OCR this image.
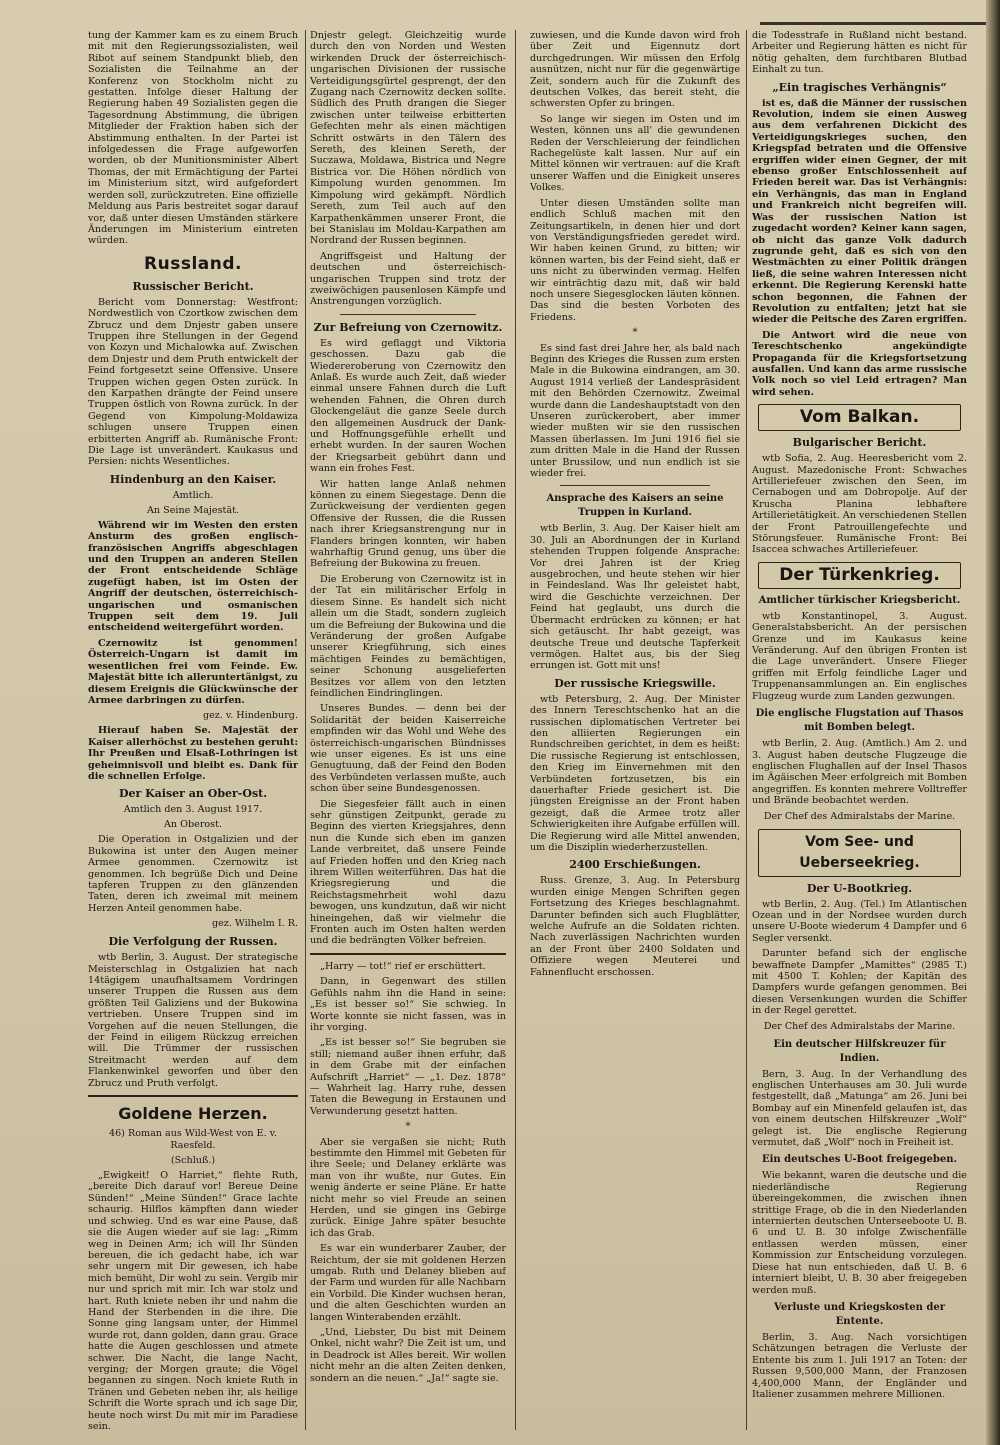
tung der Kammer kam es zu einem Bruch mit mit den Regierungssozialisten, weil Ribot auf seinem Standpunkt blieb, den Sozialisten die Teilnahme an der Konferenz von Stockholm nicht zu gestatten. Infolge dieser Haltung der Regierung haben 49 Sozialisten gegen die Tagesordnung Abstimmung, die übrigen Mitglieder der Fraktion haben sich der Abstimmung enthalten. In der Partei ist infolgedessen die Frage aufgeworfen worden, ob der Munitionsminister Albert Thomas, der mit Ermächtigung der Partei im Ministerium sitzt, wird aufgefordert werden soll, zurückzutreten. Eine offizielle Meldung aus Paris bestreitet sogar darauf vor, daß unter diesen Umständen stärkere Änderungen im Ministerium eintreten würden.

Russland.
Russischer Bericht.

Bericht vom Donnerstag: Westfront: Nordwestlich von Czortkow zwischen dem Zbrucz und dem Dnjestr gaben unsere Truppen ihre Stellungen in der Gegend von Kozyn und Michalowka auf. Zwischen dem Dnjestr und dem Pruth entwickelt der Feind fortgesetzt seine Offensive. Unsere Truppen wichen gegen Osten zurück. In den Karpathen drängte der Feind unsere Truppen östlich von Rowna zurück. In der Gegend von Kimpolung-Moldawiza schlugen unsere Truppen einen erbitterten Angriff ab. Rumänische Front: Die Lage ist unverändert. Kaukasus und Persien: nichts Wesentliches.

Hindenburg an den Kaiser.
Amtlich.
An Seine Majestät.

Während wir im Westen den ersten Ansturm des großen englisch-französischen Angriffs abgeschlagen und den Truppen an anderen Stellen der Front entscheidende Schläge zugefügt haben, ist im Osten der Angriff der deutschen, österreichisch-ungarischen und osmanischen Truppen seit dem 19. Juli entscheidend weitergeführt worden.

Czernowitz ist genommen! Österreich-Ungarn ist damit im wesentlichen frei vom Feinde. Ew. Majestät bitte ich alleruntertänigst, zu diesem Ereignis die Glückwünsche der Armee darbringen zu dürfen.

gez. v. Hindenburg.

Hierauf haben Se. Majestät der Kaiser allerhöchst zu bestehen geruht: Ihr Preußen und Elsaß-Lothringen ist geheimnisvoll und bleibt es. Dank für die schnellen Erfolge.

Der Kaiser an Ober-Ost.
Amtlich den 3. August 1917.
An Oberost.

Die Operation in Ostgalizien und der Bukowina ist unter den Augen meiner Armee genommen. Czernowitz ist genommen. Ich begrüße Dich und Deine tapferen Truppen zu den glänzenden Taten, deren ich zweimal mit meinem Herzen Anteil genommen habe.

gez. Wilhelm I. R.
Die Verfolgung der Russen.

wtb Berlin, 3. August. Der strategische Meisterschlag in Ostgalizien hat nach 14tägigem unaufhaltsamem Vordringen unserer Truppen die Russen aus dem größten Teil Galiziens und der Bukowina vertrieben. Unsere Truppen sind im Vorgehen auf die neuen Stellungen, die der Feind in eiligem Rückzug erreichen will. Die Trümmer der russischen Streitmacht werden auf dem Flankenwinkel geworfen und über den Zbrucz und Pruth verfolgt.

Goldene Herzen.
46) Roman aus Wild-West von E. v. Raesfeld.
(Schluß.)

„Ewigkeit! O Harriet,“ flehte Ruth, „bereite Dich darauf vor! Bereue Deine Sünden!“ „Meine Sünden!“ Grace lachte schaurig. Hilflos kämpften dann wieder und schwieg. Und es war eine Pause, daß sie die Augen wieder auf sie lag: „Rimm weg in Deinen Arm; ich will Ihr Sünden bereuen, die ich gedacht habe, ich war sehr ungern mit Dir gewesen, ich habe mich bemüht, Dir wohl zu sein. Vergib mir nur und sprich mit mir. Ich war stolz und hart. Ruth kniete neben ihr und nahm die Hand der Sterbenden in die ihre. Die Sonne ging langsam unter, der Himmel wurde rot, dann golden, dann grau. Grace hatte die Augen geschlossen und atmete schwer. Die Nacht, die lange Nacht, verging; der Morgen graute; die Vögel begannen zu singen. Noch kniete Ruth in Tränen und Gebeten neben ihr, als heilige Schrift die Worte sprach und ich sage Dir, heute noch wirst Du mit mir im Paradiese sein.

Dnjestr gelegt. Gleichzeitig wurde durch den von Norden und Westen wirkenden Druck der österreichisch-ungarischen Divisionen der russische Verteidigungsgürtel gesprengt, der den Zugang nach Czernowitz decken sollte. Südlich des Pruth drangen die Sieger zwischen unter teilweise erbitterten Gefechten mehr als einen mächtigen Schritt ostwärts in den Tälern des Sereth, des kleinen Sereth, der Suczawa, Moldawa, Bistrica und Negre Bistrica vor. Die Höhen nördlich von Kimpolung wurden genommen. Im Kimpolung wird gekämpft. Nördlich Sereth, zum Teil auch auf den Karpathenkämmen unserer Front, die bei Stanislau im Moldau-Karpathen am Nordrand der Russen beginnen.

Angriffsgeist und Haltung der deutschen und österreichisch-ungarischen Truppen sind trotz der zweiwöchigen pausenlosen Kämpfe und Anstrengungen vorzüglich.

Zur Befreiung von Czernowitz.

Es wird geflaggt und Viktoria geschossen. Dazu gab die Wiedereroberung von Czernowitz den Anlaß. Es wurde auch Zeit, daß wieder einmal unsere Fahnen durch die Luft wehenden Fahnen, die Ohren durch Glockengeläut die ganze Seele durch den allgemeinen Ausdruck der Dank- und Hoffnungsgefühle erhellt und erhebt wurden. In der sauren Wochen der Kriegsarbeit gebührt dann und wann ein frohes Fest.

Wir hatten lange Anlaß nehmen können zu einem Siegestage. Denn die Zurückweisung der verdienten gegen Offensive der Russen, die die Russen nach ihrer Kriegsanstrengung nur in Flanders bringen konnten, wir haben wahrhaftig Grund genug, uns über die Befreiung der Bukowina zu freuen.

Die Eroberung von Czernowitz ist in der Tat ein militärischer Erfolg in diesem Sinne. Es handelt sich nicht allein um die Stadt, sondern zugleich um die Befreiung der Bukowina und die Veränderung der großen Aufgabe unserer Kriegführung, sich eines mächtigen Feindes zu bemächtigen, seiner Schonung ausgelieferten Besitzes vor allem von den letzten feindlichen Eindringlingen.

Unseres Bundes. — denn bei der Solidarität der beiden Kaiserreiche empfinden wir das Wohl und Wehe des österreichisch-ungarischen Bündnisses wie unser eigenes. Es ist uns eine Genugtuung, daß der Feind den Boden des Verbündeten verlassen mußte, auch schon über seine Bundesgenossen.

Die Siegesfeier fällt auch in einen sehr günstigen Zeitpunkt, gerade zu Beginn des vierten Kriegsjahres, denn nun die Kunde sich eben im ganzen Lande verbreitet, daß unsere Feinde auf Frieden hoffen und den Krieg nach ihrem Willen weiterführen. Das hat die Kriegsregierung und die Reichstagsmehrheit wohl dazu bewogen, uns kundzutun, daß wir nicht hineingehen, daß wir vielmehr die Fronten auch im Osten halten werden und die bedrängten Völker befreien.

„Harry — tot!“ rief er erschüttert.

Dann, in Gegenwart des stillen Gefühls nahm ihn die Hand in seine: „Es ist besser so!“ Sie schwieg. In Worte konnte sie nicht fassen, was in ihr vorging.

„Es ist besser so!“ Sie begruben sie still; niemand außer ihnen erfuhr, daß in dem Grabe mit der einfachen Aufschrift „Harriet“ — „1. Dez. 1878“ — Wahrheit lag. Harry ruhe, dessen Taten die Bewegung in Erstaunen und Verwunderung gesetzt hatten.

*

Aber sie vergaßen sie nicht; Ruth bestimmte den Himmel mit Gebeten für ihre Seele; und Delaney erklärte was man von ihr wußte, nur Gutes. Ein wenig änderte er seine Pläne. Er hatte nicht mehr so viel Freude an seinen Herden, und sie gingen ins Gebirge zurück. Einige Jahre später besuchte ich das Grab.

Es war ein wunderbarer Zauber, der Reichtum, der sie mit goldenen Herzen umgab. Ruth und Delaney blieben auf der Farm und wurden für alle Nachbarn ein Vorbild. Die Kinder wuchsen heran, und die alten Geschichten wurden an langen Winterabenden erzählt.

„Und, Liebster, Du bist mit Deinem Onkel, nicht wahr? Die Zeit ist um, und in Deadrock ist Alles bereit. Wir wollen nicht mehr an die alten Zeiten denken, sondern an die neuen.“ „Ja!“ sagte sie.

zuwiesen, und die Kunde davon wird froh über Zeit und Eigennutz dort durchgedrungen. Wir müssen den Erfolg ausnützen, nicht nur für die gegenwärtige Zeit, sondern auch für die Zukunft des deutschen Volkes, das bereit steht, die schwersten Opfer zu bringen.

So lange wir siegen im Osten und im Westen, können uns all' die gewundenen Reden der Verschleierung der feindlichen Rachegelüste kalt lassen. Nur auf ein Mittel können wir vertrauen: auf die Kraft unserer Waffen und die Einigkeit unseres Volkes.

Unter diesen Umständen sollte man endlich Schluß machen mit den Zeitungsartikeln, in denen hier und dort von Verständigungsfrieden geredet wird. Wir haben keinen Grund, zu bitten; wir können warten, bis der Feind sieht, daß er uns nicht zu überwinden vermag. Helfen wir einträchtig dazu mit, daß wir bald noch unsere Siegesglocken läuten können. Das sind die besten Vorboten des Friedens.

*

Es sind fast drei Jahre her, als bald nach Beginn des Krieges die Russen zum ersten Male in die Bukowina eindrangen, am 30. August 1914 verließ der Landespräsident mit den Behörden Czernowitz. Zweimal wurde dann die Landeshauptstadt von den Unseren zurückerobert, aber immer wieder mußten wir sie den russischen Massen überlassen. Im Juni 1916 fiel sie zum dritten Male in die Hand der Russen unter Brussilow, und nun endlich ist sie wieder frei.

Ansprache des Kaisers an seine Truppen in Kurland.

wtb Berlin, 3. Aug. Der Kaiser hielt am 30. Juli an Abordnungen der in Kurland stehenden Truppen folgende Ansprache: Vor drei Jahren ist der Krieg ausgebrochen, und heute stehen wir hier in Feindesland. Was Ihr geleistet habt, wird die Geschichte verzeichnen. Der Feind hat geglaubt, uns durch die Übermacht erdrücken zu können; er hat sich getäuscht. Ihr habt gezeigt, was deutsche Treue und deutsche Tapferkeit vermögen. Haltet aus, bis der Sieg errungen ist. Gott mit uns!

Der russische Kriegswille.

wtb Petersburg, 2. Aug. Der Minister des Innern Tereschtschenko hat an die russischen diplomatischen Vertreter bei den alliierten Regierungen ein Rundschreiben gerichtet, in dem es heißt: Die russische Regierung ist entschlossen, den Krieg im Einvernehmen mit den Verbündeten fortzusetzen, bis ein dauerhafter Friede gesichert ist. Die jüngsten Ereignisse an der Front haben gezeigt, daß die Armee trotz aller Schwierigkeiten ihre Aufgabe erfüllen will. Die Regierung wird alle Mittel anwenden, um die Disziplin wiederherzustellen.

2400 Erschießungen.

Russ. Grenze, 3. Aug. In Petersburg wurden einige Mengen Schriften gegen Fortsetzung des Krieges beschlagnahmt. Darunter befinden sich auch Flugblätter, welche Aufrufe an die Soldaten richten. Nach zuverlässigen Nachrichten wurden an der Front über 2400 Soldaten und Offiziere wegen Meuterei und Fahnenflucht erschossen.

die Todesstrafe in Rußland nicht bestand. Arbeiter und Regierung hätten es nicht für nötig gehalten, dem furchtbaren Blutbad Einhalt zu tun.

„Ein tragisches Verhängnis“

ist es, daß die Männer der russischen Revolution, indem sie einen Ausweg aus dem verfahrenen Dickicht des Verteidigungskrieges suchen, den Kriegspfad betraten und die Offensive ergriffen wider einen Gegner, der mit ebenso großer Entschlossenheit auf Frieden bereit war. Das ist Verhängnis: ein Verhängnis, das man in England und Frankreich nicht begreifen will. Was der russischen Nation ist zugedacht worden? Keiner kann sagen, ob nicht das ganze Volk dadurch zugrunde geht, daß es sich von den Westmächten zu einer Politik drängen ließ, die seine wahren Interessen nicht erkennt. Die Regierung Kerenski hatte schon begonnen, die Fahnen der Revolution zu entfalten; jetzt hat sie wieder die Peitsche des Zaren ergriffen.

Die Antwort wird die neue von Tereschtschenko angekündigte Propaganda für die Kriegsfortsetzung ausfallen. Und kann das arme russische Volk noch so viel Leid ertragen? Man wird sehen.

Vom Balkan.
Bulgarischer Bericht.

wtb Sofia, 2. Aug. Heeresbericht vom 2. August. Mazedonische Front: Schwaches Artilleriefeuer zwischen den Seen, im Cernabogen und am Dobropolje. Auf der Kruscha Planina lebhaftere Artillerietätigkeit. An verschiedenen Stellen der Front Patrouillengefechte und Störungsfeuer. Rumänische Front: Bei Isaccea schwaches Artilleriefeuer.

Der Türkenkrieg.
Amtlicher türkischer Kriegsbericht.

wtb Konstantinopel, 3. August. Generalstabsbericht. An der persischen Grenze und im Kaukasus keine Veränderung. Auf den übrigen Fronten ist die Lage unverändert. Unsere Flieger griffen mit Erfolg feindliche Lager und Truppenansammlungen an. Ein englisches Flugzeug wurde zum Landen gezwungen.

Die englische Flugstation auf Thasos mit Bomben belegt.

wtb Berlin, 2. Aug. (Amtlich.) Am 2. und 3. August haben deutsche Flugzeuge die englischen Flughallen auf der Insel Thasos im Ägäischen Meer erfolgreich mit Bomben angegriffen. Es konnten mehrere Volltreffer und Brände beobachtet werden.

Der Chef des Admiralstabs der Marine.
Vom See- und Ueberseekrieg.
Der U-Bootkrieg.

wtb Berlin, 2. Aug. (Tel.) Im Atlantischen Ozean und in der Nordsee wurden durch unsere U-Boote wiederum 4 Dampfer und 6 Segler versenkt.

Darunter befand sich der englische bewaffnete Dampfer „Mamittes“ (2985 T.) mit 4500 T. Kohlen; der Kapitän des Dampfers wurde gefangen genommen. Bei diesen Versenkungen wurden die Schiffer in der Regel gerettet.

Der Chef des Admiralstabs der Marine.
Ein deutscher Hilfskreuzer für Indien.

Bern, 3. Aug. In der Verhandlung des englischen Unterhauses am 30. Juli wurde festgestellt, daß „Matunga“ am 26. Juni bei Bombay auf ein Minenfeld gelaufen ist, das von einem deutschen Hilfskreuzer „Wolf“ gelegt ist. Die englische Regierung vermutet, daß „Wolf“ noch in Freiheit ist.

Ein deutsches U-Boot freigegeben.

Wie bekannt, waren die deutsche und die niederländische Regierung übereingekommen, die zwischen ihnen strittige Frage, ob die in den Niederlanden internierten deutschen Unterseeboote U. B. 6 und U. B. 30 infolge Zwischenfälle entlassen werden müssen, einer Kommission zur Entscheidung vorzulegen. Diese hat nun entschieden, daß U. B. 6 interniert bleibt, U. B. 30 aber freigegeben werden muß.

Verluste und Kriegskosten der Entente.

Berlin, 3. Aug. Nach vorsichtigen Schätzungen betragen die Verluste der Entente bis zum 1. Juli 1917 an Toten: der Russen 9,500,000 Mann, der Franzosen 4,400,000 Mann, der Engländer und Italiener zusammen mehrere Millionen.
